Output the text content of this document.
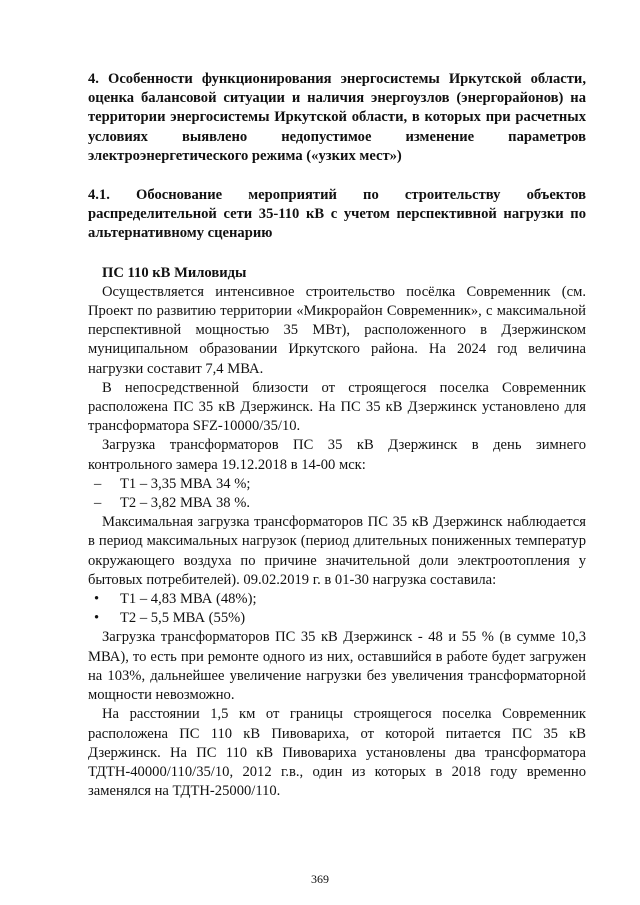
4. Особенности функционирования энергосистемы Иркутской области, оценка балансовой ситуации и наличия энергоузлов (энергорайонов) на территории энергосистемы Иркутской области, в которых при расчетных условиях выявлено недопустимое изменение параметров электроэнергетического режима («узких мест»)

4.1. Обоснование мероприятий по строительству объектов распределительной сети 35-110 кВ с учетом перспективной нагрузки по альтернативному сценарию

ПС 110 кВ Миловиды

Осуществляется интенсивное строительство посёлка Современник (см. Проект по развитию территории «Микрорайон Современник», с максимальной перспективной мощностью 35 МВт), расположенного в Дзержинском муниципальном образовании Иркутского района. На 2024 год величина нагрузки составит 7,4 МВА.

В непосредственной близости от строящегося поселка Современник расположена ПС 35 кВ Дзержинск. На ПС 35 кВ Дзержинск установлено для трансформатора SFZ-10000/35/10.

Загрузка трансформаторов ПС 35 кВ Дзержинск в день зимнего контрольного замера 19.12.2018 в 14-00 мск:

– Т1 – 3,35 МВА 34 %;
– Т2 – 3,82 МВА 38 %.

Максимальная загрузка трансформаторов ПС 35 кВ Дзержинск наблюдается в период максимальных нагрузок (период длительных пониженных температур окружающего воздуха по причине значительной доли электроотопления у бытовых потребителей). 09.02.2019 г. в 01-30 нагрузка составила:

• Т1 – 4,83 МВА (48%);
• Т2 – 5,5 МВА (55%)

Загрузка трансформаторов ПС 35 кВ Дзержинск - 48 и 55 % (в сумме 10,3 МВА), то есть при ремонте одного из них, оставшийся в работе будет загружен на 103%, дальнейшее увеличение нагрузки без увеличения трансформаторной мощности невозможно.

На расстоянии 1,5 км от границы строящегося поселка Современник расположена ПС 110 кВ Пивовариха, от которой питается ПС 35 кВ Дзержинск. На ПС 110 кВ Пивовариха установлены два трансформатора ТДТН-40000/110/35/10, 2012 г.в., один из которых в 2018 году временно заменялся на ТДТН-25000/110.

369
